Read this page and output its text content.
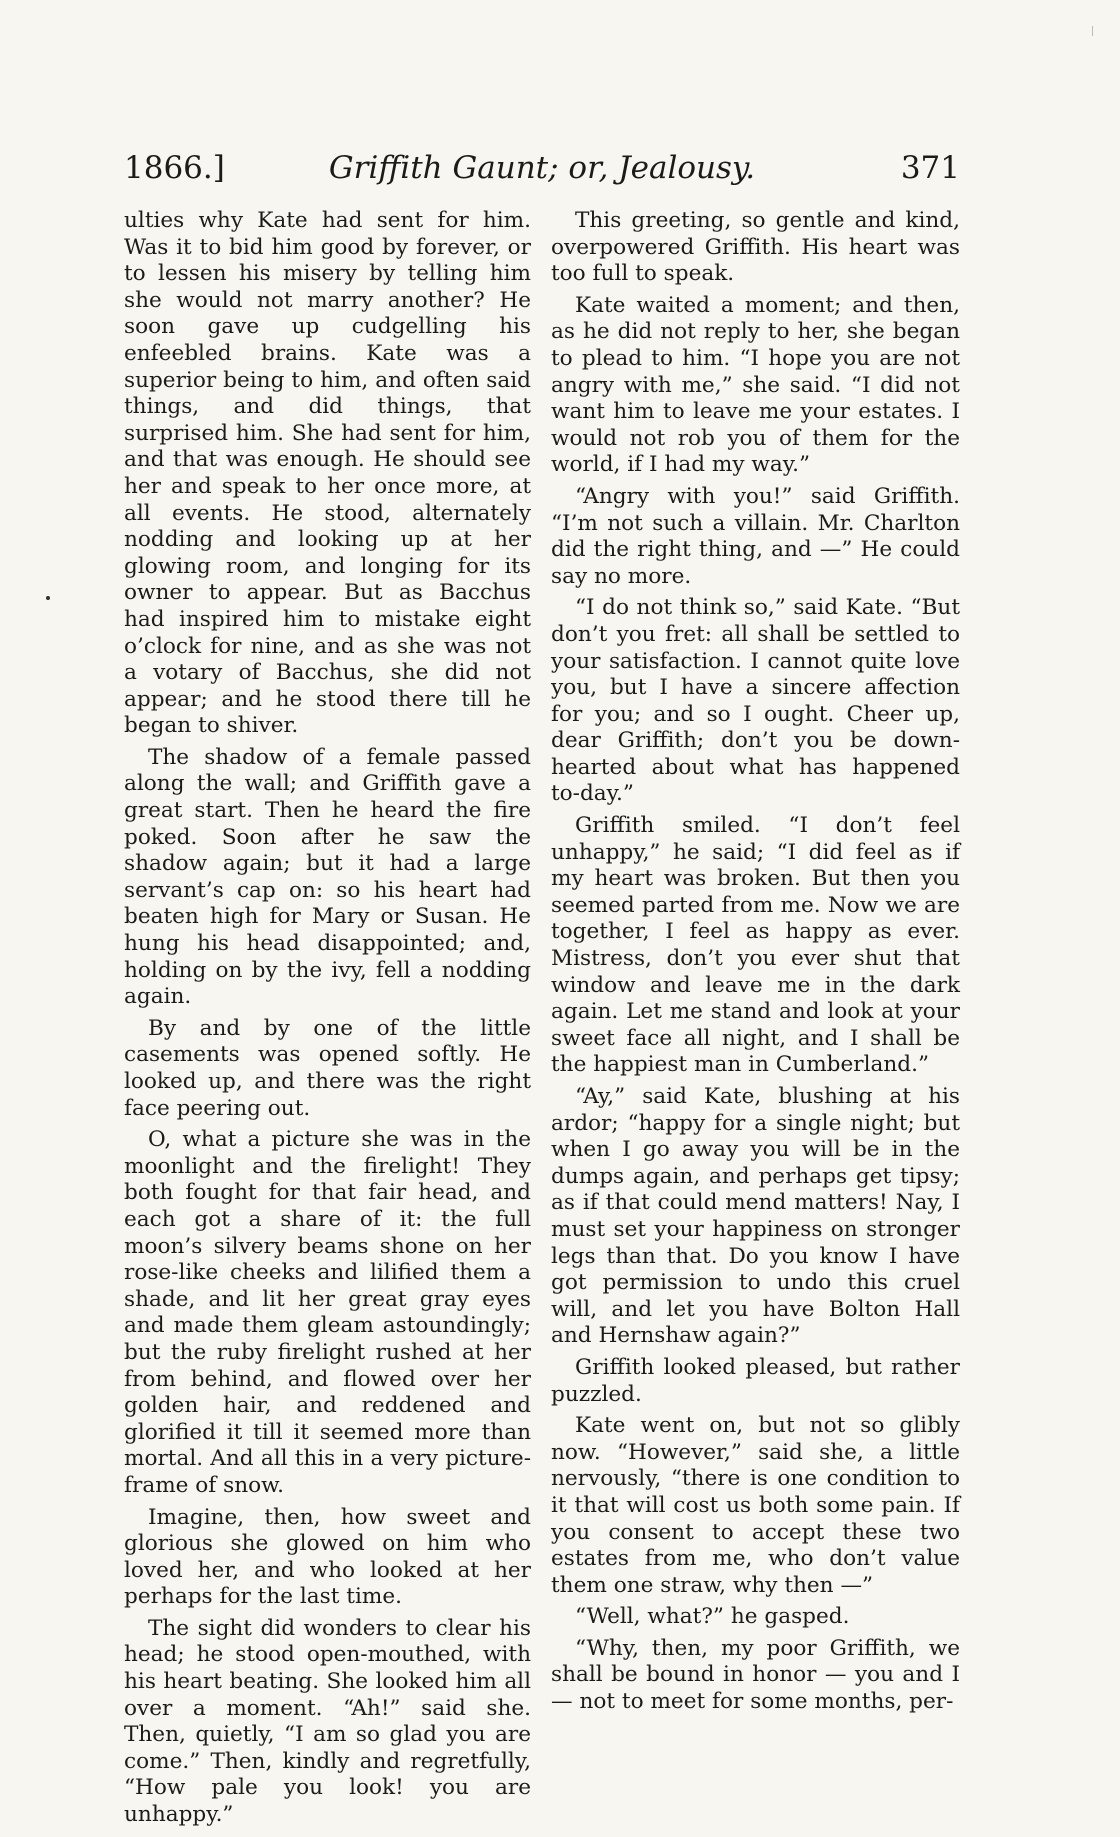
1866.]	Griffith Gaunt; or, Jealousy.	371

ulties why Kate had sent for him. Was it to bid him good by forever, or to lessen his misery by telling him she would not marry another? He soon gave up cudgelling his enfeebled brains. Kate was a superior being to him, and often said things, and did things, that surprised him. She had sent for him, and that was enough. He should see her and speak to her once more, at all events. He stood, alternately nodding and looking up at her glowing room, and longing for its owner to appear. But as Bacchus had inspired him to mistake eight o’clock for nine, and as she was not a votary of Bacchus, she did not appear; and he stood there till he began to shiver.

The shadow of a female passed along the wall; and Griffith gave a great start. Then he heard the fire poked. Soon after he saw the shadow again; but it had a large servant’s cap on: so his heart had beaten high for Mary or Susan. He hung his head disappointed; and, holding on by the ivy, fell a nodding again.

By and by one of the little casements was opened softly. He looked up, and there was the right face peering out.

O, what a picture she was in the moonlight and the firelight! They both fought for that fair head, and each got a share of it: the full moon’s silvery beams shone on her rose-like cheeks and lilified them a shade, and lit her great gray eyes and made them gleam astoundingly; but the ruby firelight rushed at her from behind, and flowed over her golden hair, and reddened and glorified it till it seemed more than mortal. And all this in a very picture-frame of snow.

Imagine, then, how sweet and glorious she glowed on him who loved her, and who looked at her perhaps for the last time.

The sight did wonders to clear his head; he stood open-mouthed, with his heart beating. She looked him all over a moment. “Ah!” said she. Then, quietly, “I am so glad you are come.” Then, kindly and regretfully, “How pale you look! you are unhappy.”

This greeting, so gentle and kind, overpowered Griffith. His heart was too full to speak.

Kate waited a moment; and then, as he did not reply to her, she began to plead to him. “I hope you are not angry with me,” she said. “I did not want him to leave me your estates. I would not rob you of them for the world, if I had my way.”

“Angry with you!” said Griffith. “I’m not such a villain. Mr. Charlton did the right thing, and —” He could say no more.

“I do not think so,” said Kate. “But don’t you fret: all shall be settled to your satisfaction. I cannot quite love you, but I have a sincere affection for you; and so I ought. Cheer up, dear Griffith; don’t you be down-hearted about what has happened to-day.”

Griffith smiled. “I don’t feel unhappy,” he said; “I did feel as if my heart was broken. But then you seemed parted from me. Now we are together, I feel as happy as ever. Mistress, don’t you ever shut that window and leave me in the dark again. Let me stand and look at your sweet face all night, and I shall be the happiest man in Cumberland.”

“Ay,” said Kate, blushing at his ardor; “happy for a single night; but when I go away you will be in the dumps again, and perhaps get tipsy; as if that could mend matters! Nay, I must set your happiness on stronger legs than that. Do you know I have got permission to undo this cruel will, and let you have Bolton Hall and Hernshaw again?”

Griffith looked pleased, but rather puzzled.

Kate went on, but not so glibly now. “However,” said she, a little nervously, “there is one condition to it that will cost us both some pain. If you consent to accept these two estates from me, who don’t value them one straw, why then —”

“Well, what?” he gasped.

“Why, then, my poor Griffith, we shall be bound in honor — you and I — not to meet for some months, per-
